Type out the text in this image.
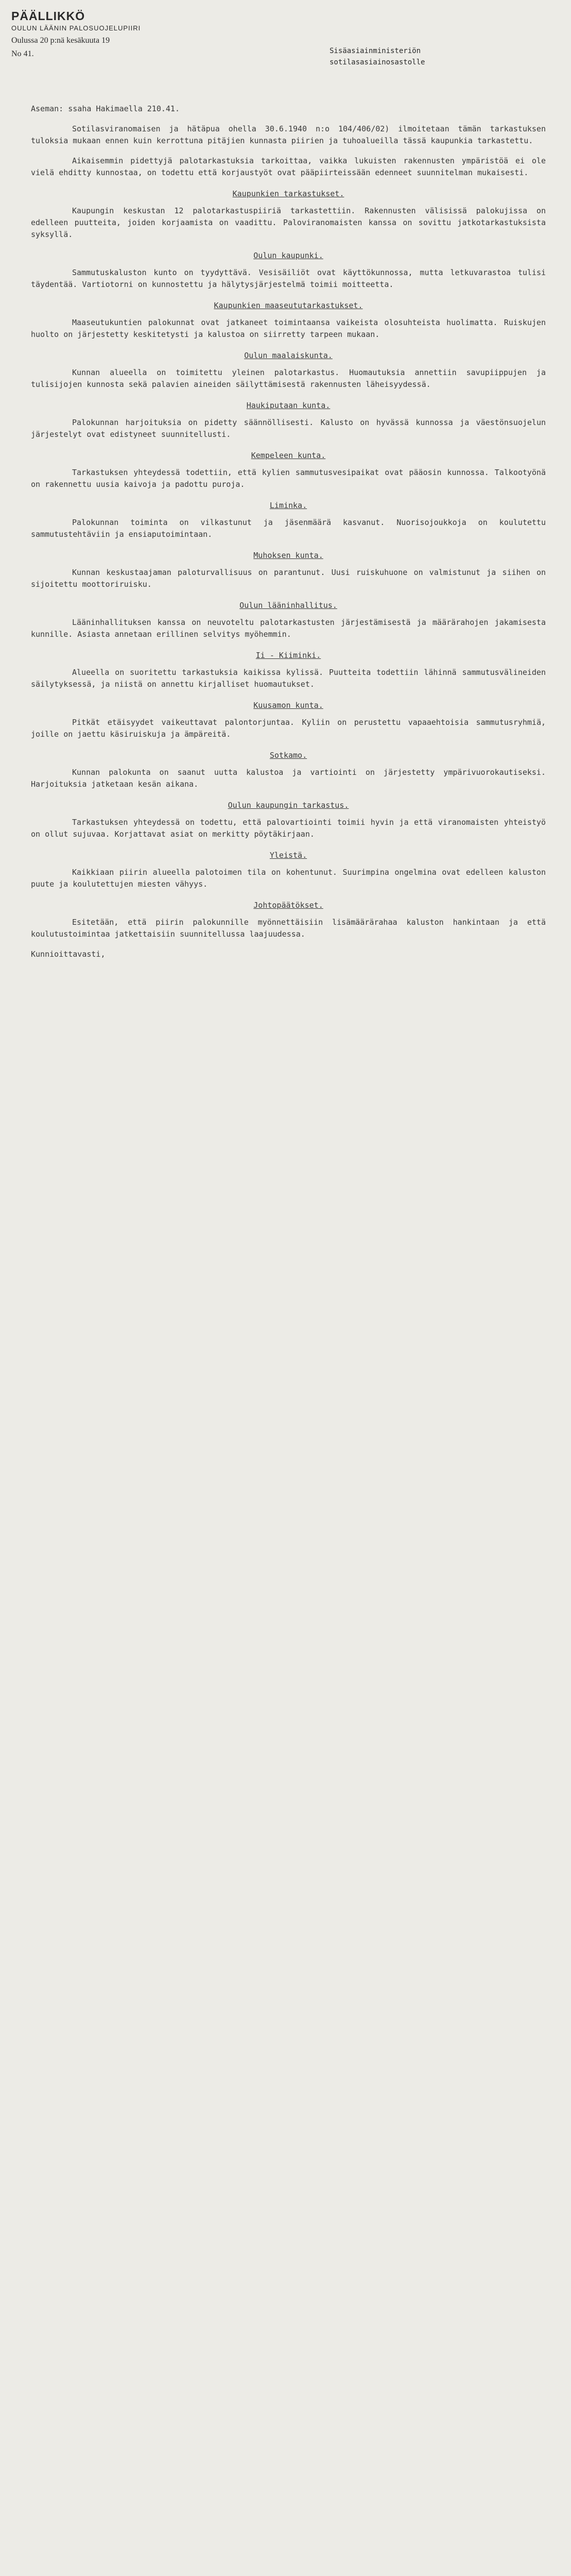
PÄÄLLIKKÖ
OULUN LÄÄNIN PALOSUOJELUPIIRI
Oulussa 20 p:nä kesäkuuta 19
No 41.	Sisäasiainministeriön
sotilasasiainosastolle

Aseman: ssaha Hakimaella 210.41.

Sotilasviranomaisen ja hätäpua ohella 30.6.1940 n:o 104/406/02) ilmoitetaan tämän tarkastuksen tuloksia mukaan ennen kuin kerrottuna pitäjien kunnasta piirien ja tuhoalueilla tässä kaupunkia tarkastettu.

Aikaisemmin pidettyjä palotarkastuksia tarkoittaa, vaikka lukuisten rakennusten ympäristöä ei ole vielä ehditty kunnostaa, on todettu että korjaustyöt ovat pääpiirteissään edenneet suunnitelman mukaisesti.

Kaupunkien tarkastukset.

Kaupungin keskustan 12 palotarkastuspiiriä tarkastettiin. Rakennusten välisissä palokujissa on edelleen puutteita, joiden korjaamista on vaadittu. Paloviranomaisten kanssa on sovittu jatkotarkastuksista syksyllä.

Oulun kaupunki.

Sammutuskaluston kunto on tyydyttävä. Vesisäiliöt ovat käyttökunnossa, mutta letkuvarastoa tulisi täydentää. Vartiotorni on kunnostettu ja hälytysjärjestelmä toimii moitteetta.

Kaupunkien maaseututarkastukset.

Maaseutukuntien palokunnat ovat jatkaneet toimintaansa vaikeista olosuhteista huolimatta. Ruiskujen huolto on järjestetty keskitetysti ja kalustoa on siirretty tarpeen mukaan.

Oulun maalaiskunta.

Kunnan alueella on toimitettu yleinen palotarkastus. Huomautuksia annettiin savupiippujen ja tulisijojen kunnosta sekä palavien aineiden säilyttämisestä rakennusten läheisyydessä.

Haukiputaan kunta.

Palokunnan harjoituksia on pidetty säännöllisesti. Kalusto on hyvässä kunnossa ja väestönsuojelun järjestelyt ovat edistyneet suunnitellusti.

Kempeleen kunta.

Tarkastuksen yhteydessä todettiin, että kylien sammutusvesipaikat ovat pääosin kunnossa. Talkootyönä on rakennettu uusia kaivoja ja padottu puroja.

Liminka.

Palokunnan toiminta on vilkastunut ja jäsenmäärä kasvanut. Nuorisojoukkoja on koulutettu sammutustehtäviin ja ensiaputoimintaan.

Muhoksen kunta.

Kunnan keskustaajaman paloturvallisuus on parantunut. Uusi ruiskuhuone on valmistunut ja siihen on sijoitettu moottoriruisku.

Oulun lääninhallitus.

Lääninhallituksen kanssa on neuvoteltu palotarkastusten järjestämisestä ja määrärahojen jakamisesta kunnille. Asiasta annetaan erillinen selvitys myöhemmin.

Ii - Kiiminki.

Alueella on suoritettu tarkastuksia kaikissa kylissä. Puutteita todettiin lähinnä sammutusvälineiden säilytyksessä, ja niistä on annettu kirjalliset huomautukset.

Kuusamon kunta.

Pitkät etäisyydet vaikeuttavat palontorjuntaa. Kyliin on perustettu vapaaehtoisia sammutusryhmiä, joille on jaettu käsiruiskuja ja ämpäreitä.

Sotkamo.

Kunnan palokunta on saanut uutta kalustoa ja vartiointi on järjestetty ympärivuorokautiseksi. Harjoituksia jatketaan kesän aikana.

Oulun kaupungin tarkastus.

Tarkastuksen yhteydessä on todettu, että palovartiointi toimii hyvin ja että viranomaisten yhteistyö on ollut sujuvaa. Korjattavat asiat on merkitty pöytäkirjaan.

Yleistä.

Kaikkiaan piirin alueella palotoimen tila on kohentunut. Suurimpina ongelmina ovat edelleen kaluston puute ja koulutettujen miesten vähyys.

Johtopäätökset.

Esitetään, että piirin palokunnille myönnettäisiin lisämäärärahaa kaluston hankintaan ja että koulutustoimintaa jatkettaisiin suunnitellussa laajuudessa.

Kunnioittavasti,
